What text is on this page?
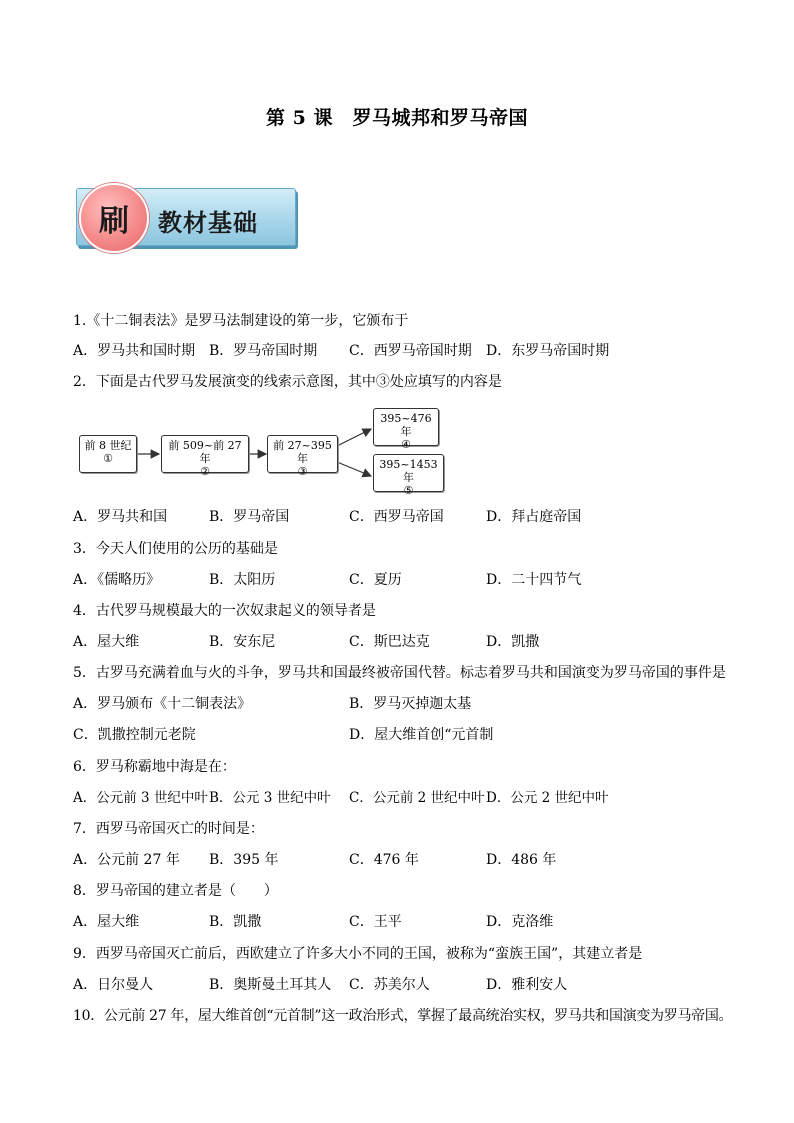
第 5 课　罗马城邦和罗马帝国
刷	教材基础
1.《十二铜表法》是罗马法制建设的第一步，它颁布于
A．罗马共和国时期 B．罗马帝国时期 C．西罗马帝国时期 D．东罗马帝国时期
2．下面是古代罗马发展演变的线索示意图，其中③处应填写的内容是
前 8 世纪
①
前 509~前 27 年
②
前 27~395 年
③
395~476 年
④
395~1453 年
⑤
A．罗马共和国	B．罗马帝国	C．西罗马帝国	D．拜占庭帝国
3．今天人们使用的公历的基础是
A．《儒略历》	B．太阳历	C．夏历	D．二十四节气
4．古代罗马规模最大的一次奴隶起义的领导者是
A．屋大维	B．安东尼	C．斯巴达克	D．凯撒
5．古罗马充满着血与火的斗争，罗马共和国最终被帝国代替。标志着罗马共和国演变为罗马帝国的事件是
A．罗马颁布《十二铜表法》	B．罗马灭掉迦太基
C．凯撒控制元老院	D．屋大维首创“元首制
6．罗马称霸地中海是在：
A．公元前 3 世纪中叶 B．公元 3 世纪中叶 C．公元前 2 世纪中叶 D．公元 2 世纪中叶
7．西罗马帝国灭亡的时间是：
A．公元前 27 年 B．395 年	C．476 年	D．486 年
8．罗马帝国的建立者是（　　）
A．屋大维	B．凯撒	C．王平	D．克洛维
9．西罗马帝国灭亡前后，西欧建立了许多大小不同的王国，被称为“蛮族王国”，其建立者是
A．日尔曼人	B．奥斯曼土耳其人 C．苏美尔人	D．雅利安人
10．公元前 27 年，屋大维首创“元首制”这一政治形式，掌握了最高统治实权，罗马共和国演变为罗马帝国。
